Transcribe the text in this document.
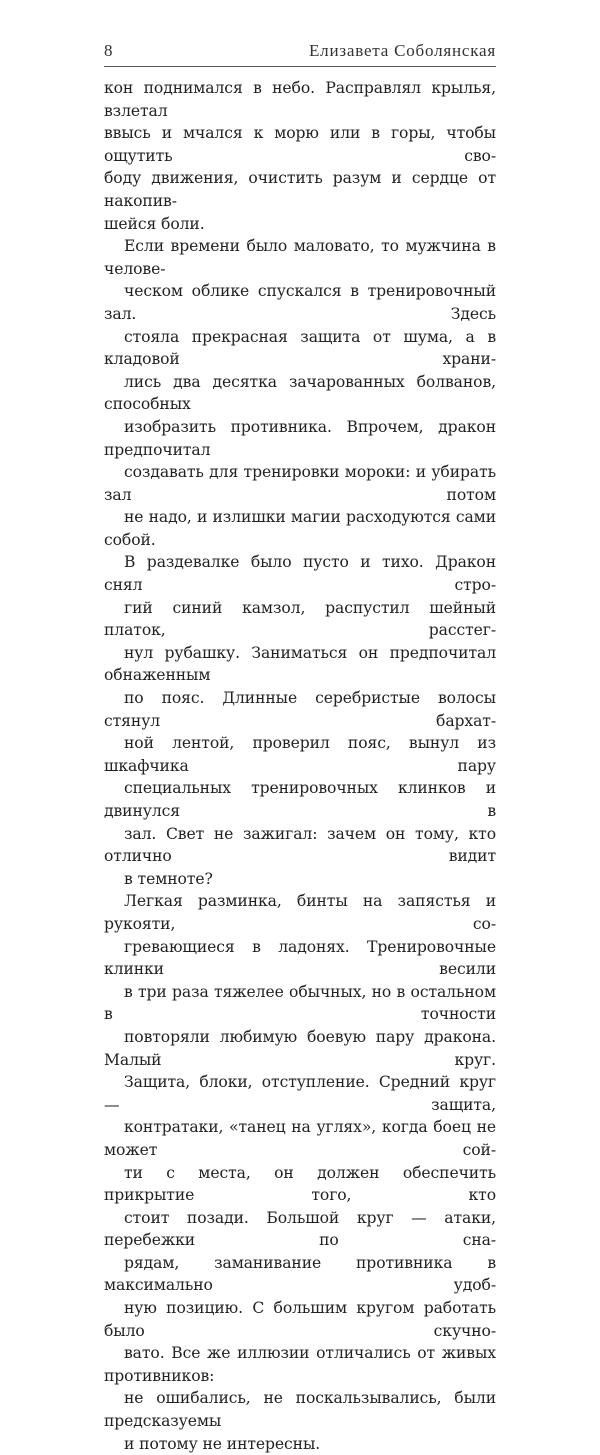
8	Елизавета Соболянская

кон поднимался в небо. Расправлял крылья, взлетал
ввысь и мчался к морю или в горы, чтобы ощутить сво-
боду движения, очистить разум и сердце от накопив-
шейся боли.

Если времени было маловато, то мужчина в челове-
ческом облике спускался в тренировочный зал. Здесь
стояла прекрасная защита от шума, а в кладовой храни-
лись два десятка зачарованных болванов, способных
изобразить противника. Впрочем, дракон предпочитал
создавать для тренировки мороки: и убирать зал потом
не надо, и излишки магии расходуются сами собой.

В раздевалке было пусто и тихо. Дракон снял стро-
гий синий камзол, распустил шейный платок, расстег-
нул рубашку. Заниматься он предпочитал обнаженным
по пояс. Длинные серебристые волосы стянул бархат-
ной лентой, проверил пояс, вынул из шкафчика пару
специальных тренировочных клинков и двинулся в
зал. Свет не зажигал: зачем он тому, кто отлично видит
в темноте?

Легкая разминка, бинты на запястья и рукояти, со-
гревающиеся в ладонях. Тренировочные клинки весили
в три раза тяжелее обычных, но в остальном в точности
повторяли любимую боевую пару дракона. Малый круг.
Защита, блоки, отступление. Средний круг — защита,
контратаки, «танец на углях», когда боец не может сой-
ти с места, он должен обеспечить прикрытие того, кто
стоит позади. Большой круг — атаки, перебежки по сна-
рядам, заманивание противника в максимально удоб-
ную позицию. С большим кругом работать было скучно-
вато. Все же иллюзии отличались от живых противников:
не ошибались, не поскальзывались, были предсказуемы
и потому не интересны.
